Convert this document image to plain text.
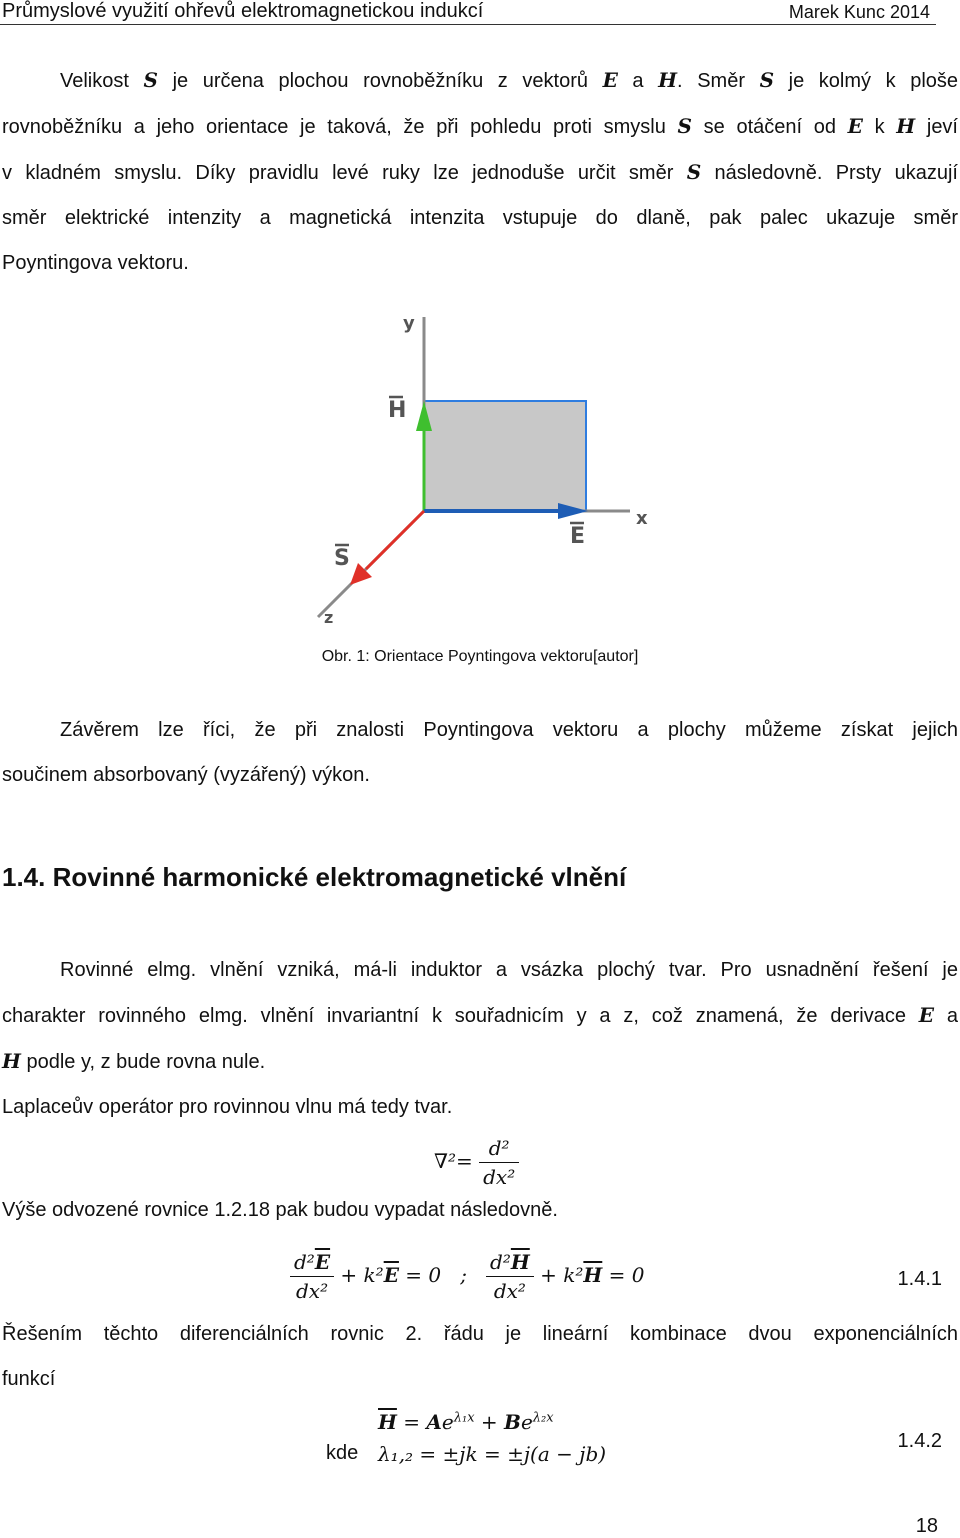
Průmyslové využití ohřevů elektromagnetickou indukcí	Marek Kunc 2014
Velikost S je určena plochou rovnoběžníku z vektorů E a H. Směr S je kolmý k ploše
rovnoběžníku a jeho orientace je taková, že při pohledu proti smyslu S se otáčení od E k H jeví
v kladném smyslu. Díky pravidlu levé ruky lze jednoduše určit směr S následovně. Prsty ukazují
směr elektrické intenzity a magnetická intenzita vstupuje do dlaně, pak palec ukazuje směr
Poyntingova vektoru.
y
x
z
H
E
S
Obr. 1: Orientace Poyntingova vektoru[autor]
Závěrem lze říci, že při znalosti Poyntingova vektoru a plochy můžeme získat jejich
součinem absorbovaný (vyzářený) výkon.
1.4. Rovinné harmonické elektromagnetické vlnění
Rovinné elmg. vlnění vzniká, má-li induktor a vsázka plochý tvar. Pro usnadnění řešení je
charakter rovinného elmg. vlnění invariantní k souřadnicím y a z, což znamená, že derivace E a
H podle y, z bude rovna nule.
Laplaceův operátor pro rovinnou vlnu má tedy tvar.
$\nabla^2= \frac{\text{d²}}{\text{dx²}}$
Výše odvozené rovnice 1.2.18 pak budou vypadat následovně.
$\frac{d^2\overline{E}}{\text{dx²}} + k^2\overline{E} = 0$   ; $\frac{d^2\overline{H}}{\text{dx²}} + k^2\overline{H} = 0$	1.4.1
Řešením těchto diferenciálních rovnic 2. řádu je lineární kombinace dvou exponenciálních
funkcí
$\overline{H} = Ae^{\lambda_1x} + Be^{\lambda_2x}$
kde λ₁,₂ = ±jk = ±j(a − jb)
1.4.2
18
